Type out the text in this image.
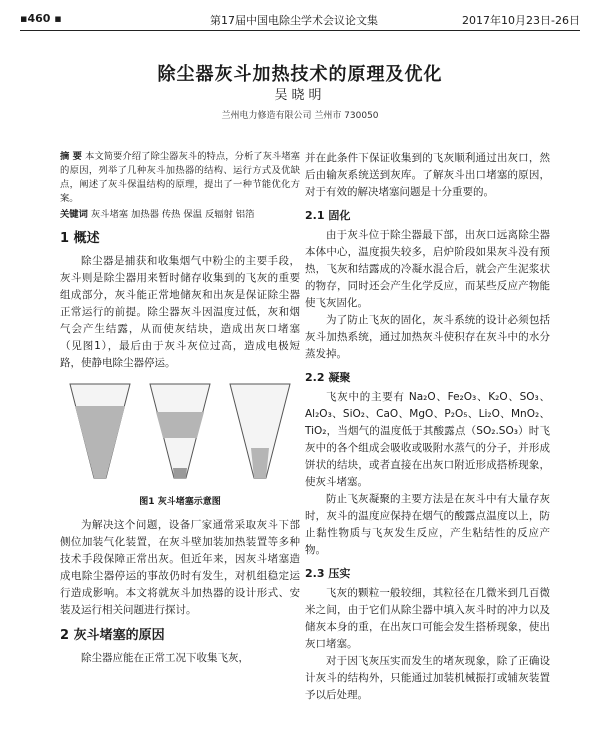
▪460 ▪	第17届中国电除尘学术会议论文集	2017年10月23日-26日
除尘器灰斗加热技术的原理及优化
吴晓明
兰州电力修造有限公司 兰州市 730050

摘 要 本文简要介绍了除尘器灰斗的特点，分析了灰斗堵塞的原因，列举了几种灰斗加热器的结构、运行方式及优缺点，阐述了灰斗保温结构的原理，提出了一种节能优化方案。

关键词 灰斗堵塞 加热器 传热 保温 反辐射 铝箔

1 概述

除尘器是捕获和收集烟气中粉尘的主要手段，灰斗则是除尘器用来暂时储存收集到的飞灰的重要组成部分，灰斗能正常地储灰和出灰是保证除尘器正常运行的前提。除尘器灰斗因温度过低，灰和烟气会产生结露，从而使灰结块，造成出灰口堵塞（见图1），最后由于灰斗灰位过高，造成电极短路，使静电除尘器停运。

图1 灰斗堵塞示意图

为解决这个问题，设备厂家通常采取灰斗下部侧位加装气化装置，在灰斗壁加装加热装置等多种技术手段保障正常出灰。但近年来，因灰斗堵塞造成电除尘器停运的事故仍时有发生，对机组稳定运行造成影响。本文将就灰斗加热器的设计形式、安装及运行相关问题进行探讨。

2 灰斗堵塞的原因

除尘器应能在正常工况下收集飞灰，

并在此条件下保证收集到的飞灰顺利通过出灰口，然后由输灰系统送到灰库。了解灰斗出口堵塞的原因，对于有效的解决堵塞问题是十分重要的。

2.1 固化

由于灰斗位于除尘器最下部，出灰口远离除尘器本体中心，温度损失较多，启炉阶段如果灰斗没有预热，飞灰和结露成的冷凝水混合后，就会产生泥浆状的物存，同时还会产生化学反应，而某些反应产物能使飞灰固化。

为了防止飞灰的固化，灰斗系统的设计必须包括灰斗加热系统，通过加热灰斗使积存在灰斗中的水分蒸发掉。

2.2 凝聚

飞灰中的主要有 Na₂O、Fe₂O₃、K₂O、SO₃、Al₂O₃、SiO₂、CaO、MgO、P₂O₅、Li₂O、MnO₂、TiO₂，当烟气的温度低于其酸露点（SO₂.SO₃）时飞灰中的各个组成会吸收或吸附水蒸气的分子，并形成饼状的结块，或者直接在出灰口附近形成搭桥现象，使灰斗堵塞。

防止飞灰凝聚的主要方法是在灰斗中有大量存灰时，灰斗的温度应保持在烟气的酸露点温度以上，防止黏性物质与飞灰发生反应，产生粘结性的反应产物。

2.3 压实

飞灰的颗粒一般较细，其粒径在几微米到几百微米之间，由于它们从除尘器中填入灰斗时的冲力以及储灰本身的重，在出灰口可能会发生搭桥现象，使出灰口堵塞。

对于因飞灰压实而发生的堵灰现象，除了正确设计灰斗的结构外，只能通过加装机械振打或辅灰装置予以后处理。
